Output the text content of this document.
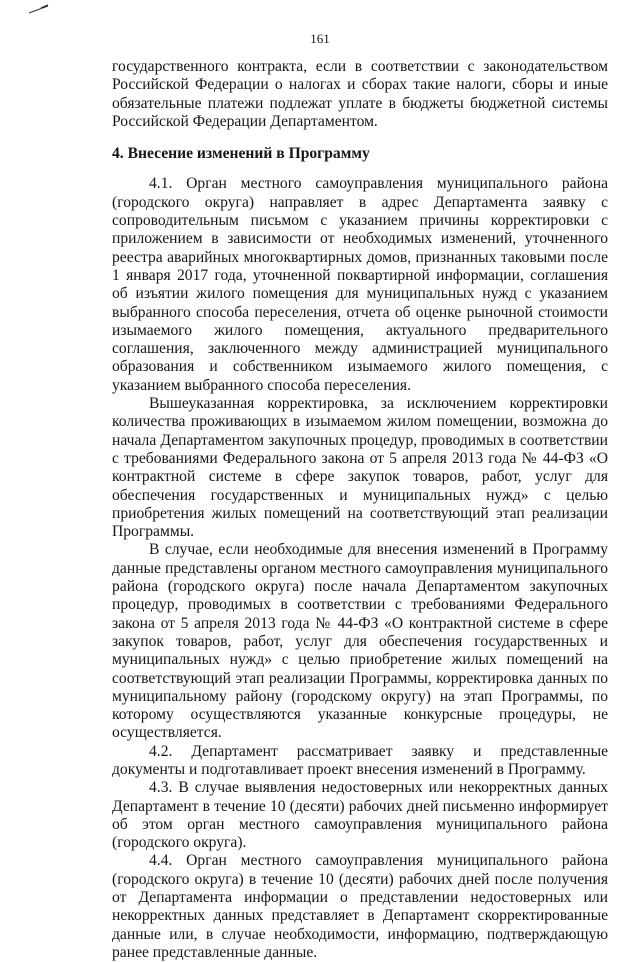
161

государственного контракта, если в соответствии с законодательством Российской Федерации о налогах и сборах такие налоги, сборы и иные обязательные платежи подлежат уплате в бюджеты бюджетной системы Российской Федерации Департаментом.

4. Внесение изменений в Программу

4.1. Орган местного самоуправления муниципального района (городского округа) направляет в адрес Департамента заявку с сопроводительным письмом с указанием причины корректировки с приложением в зависимости от необходимых изменений, уточненного реестра аварийных многоквартирных домов, признанных таковыми после 1 января 2017 года, уточненной поквартирной информации, соглашения об изъятии жилого помещения для муниципальных нужд с указанием выбранного способа переселения, отчета об оценке рыночной стоимости изымаемого жилого помещения, актуального предварительного соглашения, заключенного между администрацией муниципального образования и собственником изымаемого жилого помещения, с указанием выбранного способа переселения.

Вышеуказанная корректировка, за исключением корректировки количества проживающих в изымаемом жилом помещении, возможна до начала Департаментом закупочных процедур, проводимых в соответствии с требованиями Федерального закона от 5 апреля 2013 года № 44-ФЗ «О контрактной системе в сфере закупок товаров, работ, услуг для обеспечения государственных и муниципальных нужд» с целью приобретения жилых помещений на соответствующий этап реализации Программы.

В случае, если необходимые для внесения изменений в Программу данные представлены органом местного самоуправления муниципального района (городского округа) после начала Департаментом закупочных процедур, проводимых в соответствии с требованиями Федерального закона от 5 апреля 2013 года № 44-ФЗ «О контрактной системе в сфере закупок товаров, работ, услуг для обеспечения государственных и муниципальных нужд» с целью приобретение жилых помещений на соответствующий этап реализации Программы, корректировка данных по муниципальному району (городскому округу) на этап Программы, по которому осуществляются указанные конкурсные процедуры, не осуществляется.

4.2. Департамент рассматривает заявку и представленные документы и подготавливает проект внесения изменений в Программу.

4.3. В случае выявления недостоверных или некорректных данных Департамент в течение 10 (десяти) рабочих дней письменно информирует об этом орган местного самоуправления муниципального района (городского округа).

4.4. Орган местного самоуправления муниципального района (городского округа) в течение 10 (десяти) рабочих дней после получения от Департамента информации о представлении недостоверных или некорректных данных представляет в Департамент скорректированные данные или, в случае необходимости, информацию, подтверждающую ранее представленные данные.
